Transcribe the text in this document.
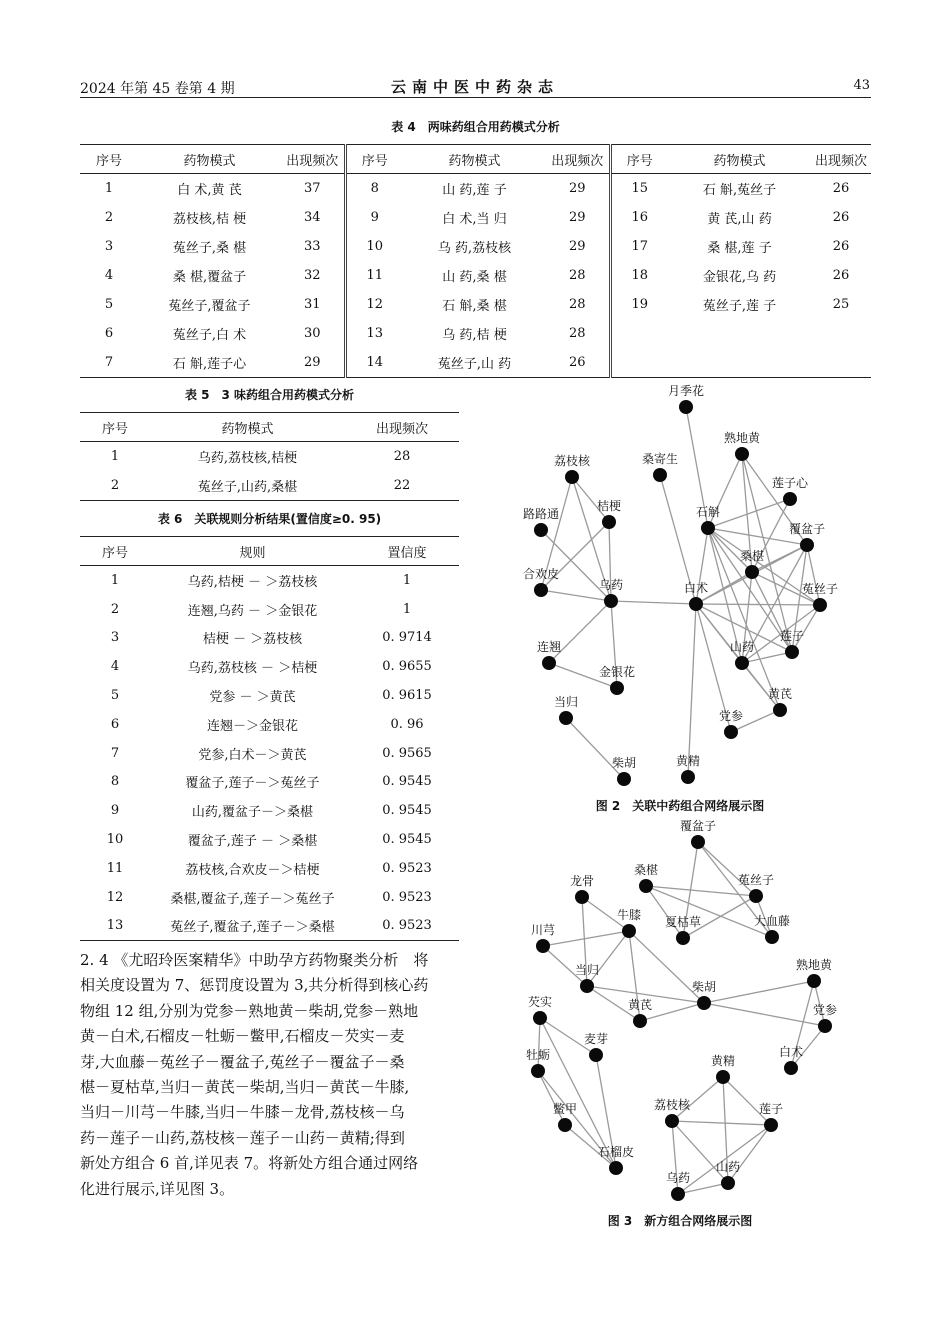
2024 年第 45 卷第 4 期	云南中医中药杂志	43
表 4　两味药组合用药模式分析
序号	药物模式	出现频次	序号	药物模式	出现频次	序号	药物模式	出现频次
1	白 术,黄 芪	37	8	山 药,莲 子	29	15	石 斛,菟丝子	26
2	荔枝核,桔 梗	34	9	白 术,当 归	29	16	黄 芪,山 药	26
3	菟丝子,桑 椹	33	10	乌 药,荔枝核	29	17	桑 椹,莲 子	26
4	桑 椹,覆盆子	32	11	山 药,桑 椹	28	18	金银花,乌 药	26
5	菟丝子,覆盆子	31	12	石 斛,桑 椹	28	19	菟丝子,莲 子	25
6	菟丝子,白 术	30	13	乌 药,桔 梗	28			
7	石 斛,莲子心	29	14	菟丝子,山 药	26			
表 5　3 味药组合用药模式分析
序号	药物模式	出现频次
1	乌药,荔枝核,桔梗	28
2	菟丝子,山药,桑椹	22
表 6　关联规则分析结果(置信度≥0. 95)
序号	规则	置信度
1	乌药,桔梗 － ＞荔枝核	1
2	连翘,乌药 － ＞金银花	1
3	桔梗 － ＞荔枝核	0. 9714
4	乌药,荔枝核 － ＞桔梗	0. 9655
5	党参 － ＞黄芪	0. 9615
6	连翘－＞金银花	0. 96
7	党参,白术－＞黄芪	0. 9565
8	覆盆子,莲子－＞菟丝子	0. 9545
9	山药,覆盆子－＞桑椹	0. 9545
10	覆盆子,莲子 － ＞桑椹	0. 9545
11	荔枝核,合欢皮－＞桔梗	0. 9523
12	桑椹,覆盆子,莲子－＞菟丝子	0. 9523
13	菟丝子,覆盆子,莲子－＞桑椹	0. 9523
2. 4 《尤昭玲医案精华》中助孕方药物聚类分析　将
相关度设置为 7、惩罚度设置为 3,共分析得到核心药
物组 12 组,分别为党参－熟地黄－柴胡,党参－熟地
黄－白术,石榴皮－牡蛎－鳖甲,石榴皮－芡实－麦
芽,大血藤－菟丝子－覆盆子,菟丝子－覆盆子－桑
椹－夏枯草,当归－黄芪－柴胡,当归－黄芪－牛膝,
当归－川芎－牛膝,当归－牛膝－龙骨,荔枝核－乌
药－莲子－山药,荔枝核－莲子－山药－黄精;得到
新处方组合 6 首,详见表 7。将新处方组合通过网络
化进行展示,详见图 3。
月季花
熟地黄
荔枝核	桑寄生
莲子心
桔梗	石斛
路路通
覆盆子
桑椹
合欢皮
乌药	白术	菟丝子
莲子
连翘	山药
金银花
黄芪
当归
党参
黄精
柴胡
图 2　关联中药组合网络展示图
覆盆子
桑椹
菟丝子
龙骨
牛膝
川芎
夏枯草	大血藤
当归	熟地黄
柴胡
黄芪
芡实
党参
麦芽
白术
牡蛎	黄精
鳖甲	荔枝核	莲子
石榴皮
山药
乌药
图 3　新方组合网络展示图
